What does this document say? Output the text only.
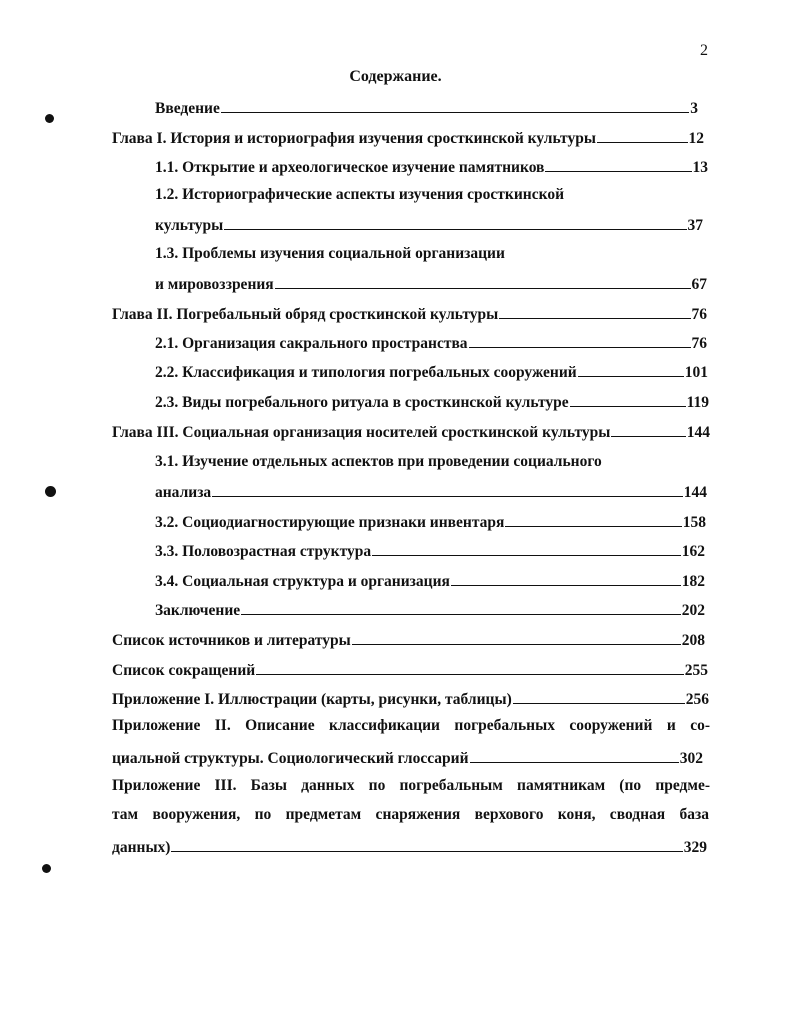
2
Содержание.
Введение	3
Глава I. История и историография изучения сросткинской культуры	12
1.1. Открытие и археологическое изучение памятников	13
1.2. Историографические аспекты изучения сросткинской
культуры	37
1.3. Проблемы изучения социальной организации
и мировоззрения	67
Глава II. Погребальный обряд сросткинской культуры	76
2.1. Организация сакрального пространства	76
2.2. Классификация и типология погребальных сооружений	101
2.3. Виды погребального ритуала в сросткинской культуре	119
Глава III. Социальная организация носителей сросткинской культуры	144
3.1. Изучение отдельных аспектов при проведении социального
анализа	144
3.2. Социодиагностирующие признаки инвентаря	158
3.3. Половозрастная структура	162
3.4. Социальная структура и организация	182
Заключение	202
Список источников и литературы	208
Список сокращений	255
Приложение I. Иллюстрации (карты, рисунки, таблицы)	256
Приложение II. Описание классификации погребальных сооружений и со-
циальной структуры. Социологический глоссарий	302
Приложение III. Базы данных по погребальным памятникам (по предме-
там вооружения, по предметам снаряжения верхового коня, сводная база
данных)	329
